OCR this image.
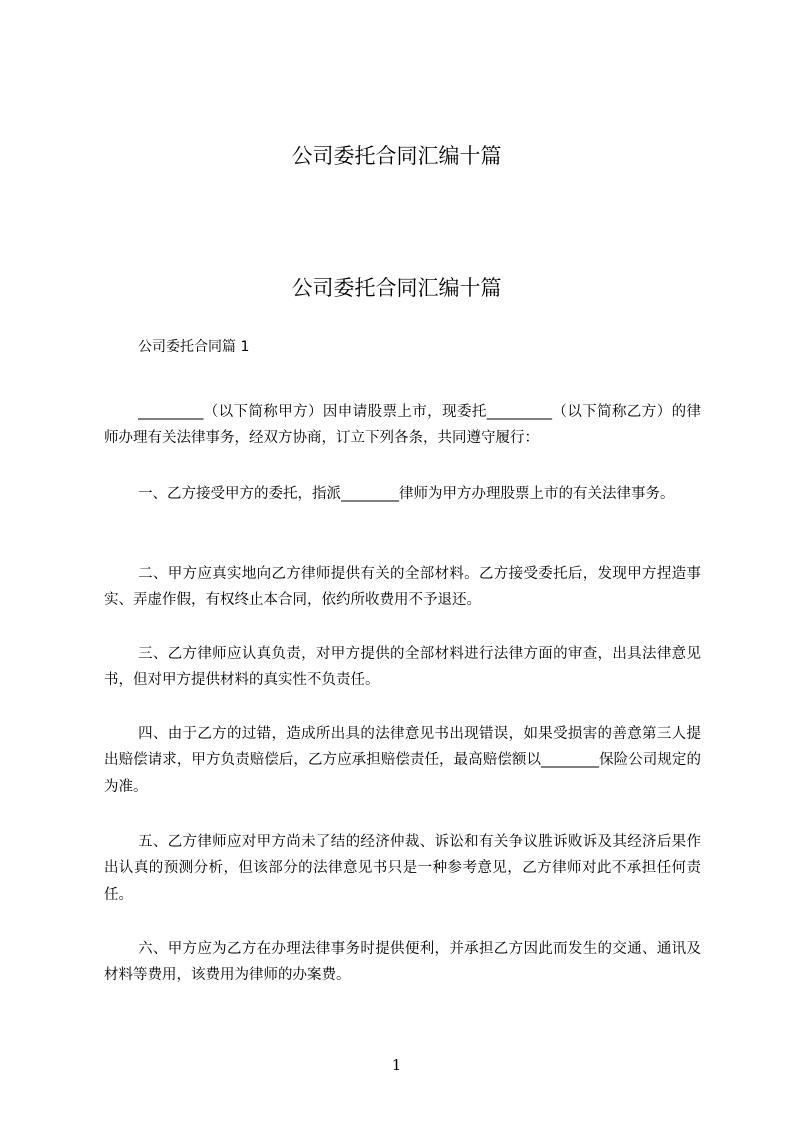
公司委托合同汇编十篇
公司委托合同汇编十篇
公司委托合同篇 1

_________（以下简称甲方）因申请股票上市，现委托_________（以下简称乙方）的律师办理有关法律事务，经双方协商，订立下列各条，共同遵守履行：

一、乙方接受甲方的委托，指派________律师为甲方办理股票上市的有关法律事务。

二、甲方应真实地向乙方律师提供有关的全部材料。乙方接受委托后，发现甲方捏造事实、弄虚作假，有权终止本合同，依约所收费用不予退还。

三、乙方律师应认真负责，对甲方提供的全部材料进行法律方面的审查，出具法律意见书，但对甲方提供材料的真实性不负责任。

四、由于乙方的过错，造成所出具的法律意见书出现错误，如果受损害的善意第三人提出赔偿请求，甲方负责赔偿后，乙方应承担赔偿责任，最高赔偿额以________保险公司规定的为准。

五、乙方律师应对甲方尚未了结的经济仲裁、诉讼和有关争议胜诉败诉及其经济后果作出认真的预测分析，但该部分的法律意见书只是一种参考意见，乙方律师对此不承担任何责任。

六、甲方应为乙方在办理法律事务时提供便利，并承担乙方因此而发生的交通、通讯及材料等费用，该费用为律师的办案费。

1
